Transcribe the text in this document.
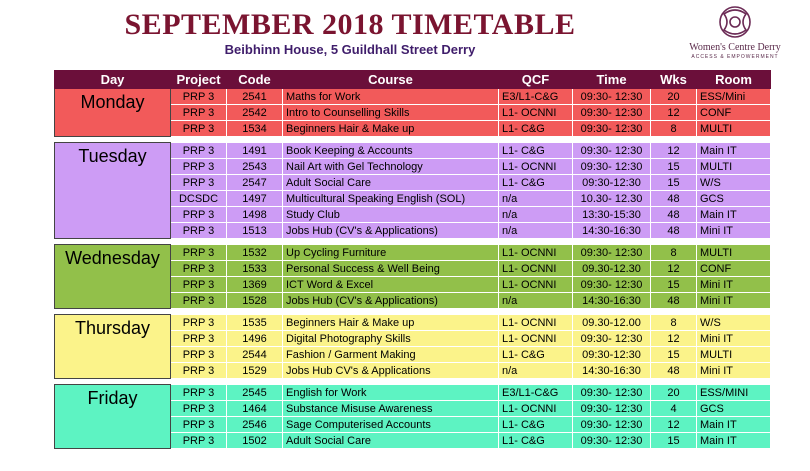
SEPTEMBER 2018 TIMETABLE
Beibhinn House, 5 Guildhall Street Derry	Women's Centre Derry
ACCESS & EMPOWERMENT
Day	Project	Code	Course	QCF	Time	Wks	Room
Monday	PRP 3	2541	Maths for Work	E3/L1-C&G	09:30- 12:30	20	ESS/Mini
	PRP 3	2542	Intro to Counselling Skills	L1- OCNNI	09:30- 12:30	12	CONF
	PRP 3	1534	Beginners Hair & Make up	L1- C&G	09:30- 12:30	8	MULTI

Tuesday	PRP 3	1491	Book Keeping & Accounts	L1- C&G	09:30- 12:30	12	Main IT
	PRP 3	2543	Nail Art with Gel Technology	L1- OCNNI	09:30- 12:30	15	MULTI
	PRP 3	2547	Adult Social Care	L1- C&G	09:30-12:30	15	W/S
	DCSDC	1497	Multicultural Speaking English (SOL)	n/a	10.30- 12.30	48	GCS
	PRP 3	1498	Study Club	n/a	13:30-15:30	48	Main IT
	PRP 3	1513	Jobs Hub (CV's & Applications)	n/a	14:30-16:30	48	Mini IT

Wednesday	PRP 3	1532	Up Cycling Furniture	L1- OCNNI	09:30- 12:30	8	MULTI
	PRP 3	1533	Personal Success & Well Being	L1- OCNNI	09.30-12.30	12	CONF
	PRP 3	1369	ICT Word & Excel	L1- OCNNI	09:30- 12:30	15	Mini IT
	PRP 3	1528	Jobs Hub (CV's & Applications)	n/a	14:30-16:30	48	Mini IT

Thursday	PRP 3	1535	Beginners Hair & Make up	L1- OCNNI	09.30-12.00	8	W/S
	PRP 3	1496	Digital Photography Skills	L1- OCNNI	09:30- 12:30	12	Mini IT
	PRP 3	2544	Fashion / Garment Making	L1- C&G	09:30-12:30	15	MULTI
	PRP 3	1529	Jobs Hub CV's & Applications	n/a	14:30-16:30	48	Mini IT

Friday	PRP 3	2545	English for Work	E3/L1-C&G	09:30- 12:30	20	ESS/MINI
	PRP 3	1464	Substance Misuse Awareness	L1- OCNNI	09:30- 12:30	4	GCS
	PRP 3	2546	Sage Computerised Accounts	L1- C&G	09:30- 12:30	12	Main IT
	PRP 3	1502	Adult Social Care	L1- C&G	09:30- 12:30	15	Main IT
